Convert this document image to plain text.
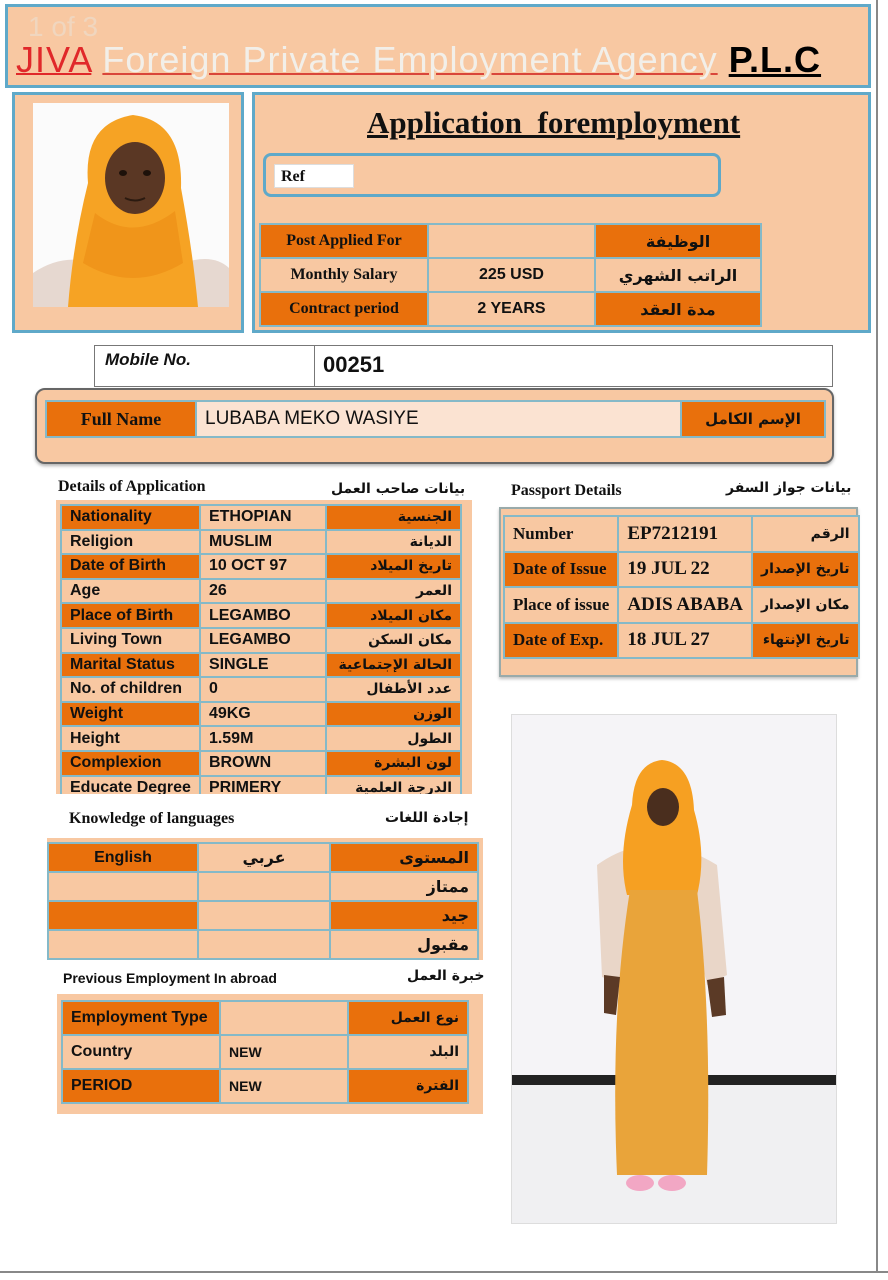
1 of 3
JIVA Foreign Private Employment Agency P.L.C
Application  foremployment
Ref
Post Applied For		الوظيفة
Monthly Salary	225 USD	الراتب الشهري
Contract period	2 YEARS	مدة العقد
Mobile No.	00251
Full Name	LUBABA MEKO WASIYE	الإسم الكامل
Details of Application	بيانات صاحب العمل
Nationality	ETHOPIAN	الجنسية
Religion	MUSLIM	الديانة
Date of Birth	10 OCT 97	تاريخ الميلاد
Age	26	العمر
Place of Birth	LEGAMBO	مكان الميلاد
Living Town	LEGAMBO	مكان السكن
Marital Status	SINGLE	الحالة الإجتماعية
No. of children	0	عدد الأطفال
Weight	49KG	الوزن
Height	1.59M	الطول
Complexion	BROWN	لون البشرة
Educate Degree	PRIMERY	الدرجة العلمية
Passport Details	بيانات جواز السفر
Number	EP7212191	الرقم
Date of Issue	19 JUL 22	تاريخ الإصدار
Place of issue	ADIS ABABA	مكان الإصدار
Date of Exp.	18 JUL 27	تاريخ الإنتهاء
Knowledge of languages	إجادة اللغات
English	عربي	المستوى
		ممتاز
		جيد
		مقبول
Previous Employment In abroad	خبرة العمل
Employment Type		نوع العمل
Country	NEW	البلد
PERIOD	NEW	الفترة
